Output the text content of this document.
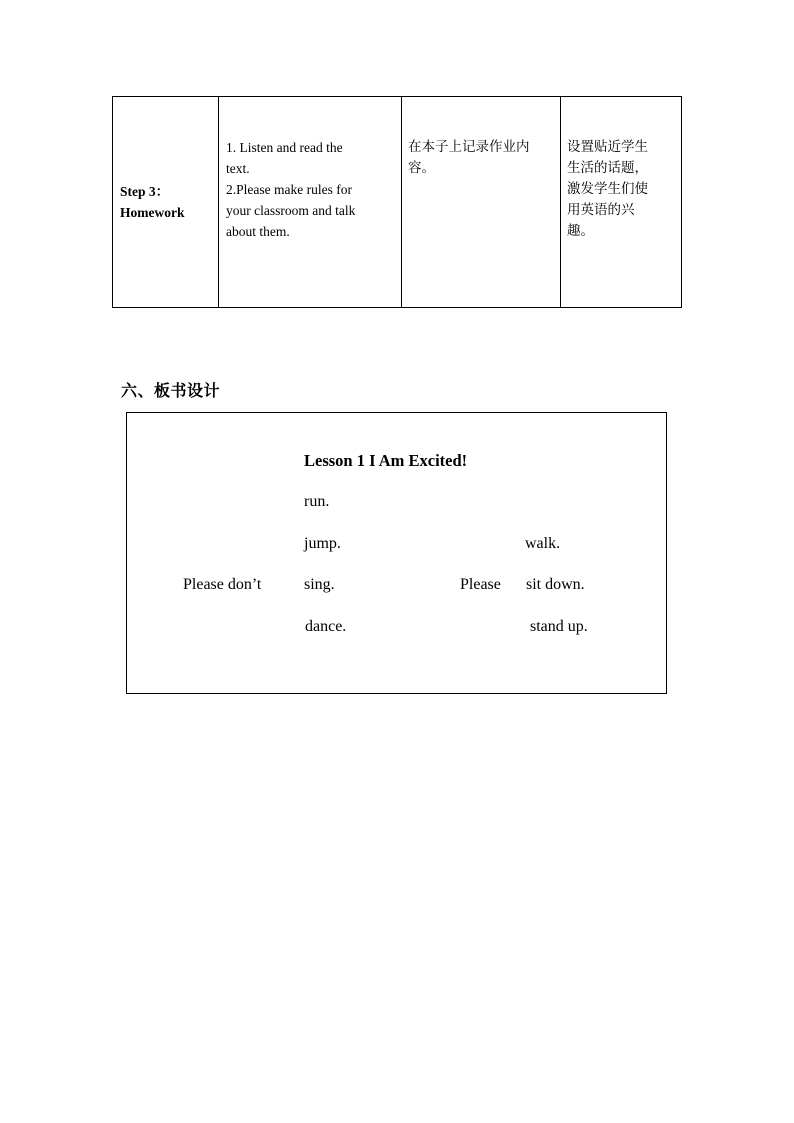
Step 3：
Homework

1. Listen and read the
text.
2.Please make rules for
your classroom and talk
about them.

在本子上记录作业内
容。

设置贴近学生
生活的话题，
激发学生们使
用英语的兴
趣。
六、板书设计
Lesson 1 I Am Excited!
run.
jump.
sing.
dance.
Please don’t	Please
walk.
sit down.
stand up.
